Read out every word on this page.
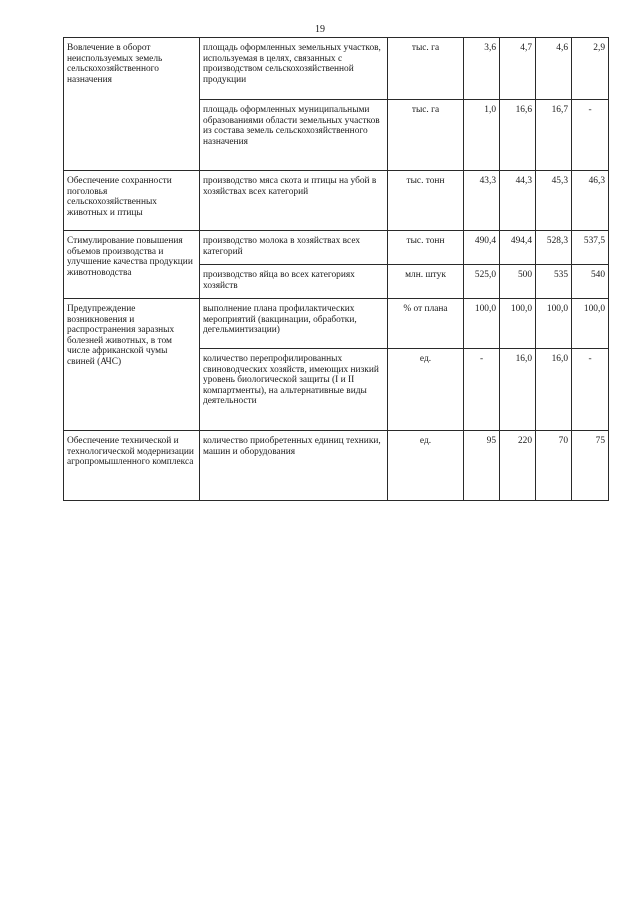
19
Вовлечение в оборот неиспользуемых земель сельскохозяйственного назначения	площадь оформленных земельных участков, используемая в целях, связанных с производством сельскохозяйственной продукции	тыс. га	3,6	4,7	4,6	2,9
	площадь оформленных муниципальными образованиями области земельных участков из состава земель сельскохозяйственного назначения	тыс. га	1,0	16,6	16,7	-
Обеспечение сохранности поголовья сельскохозяйственных животных и птицы	производство мяса скота и птицы на убой в хозяйствах всех категорий	тыс. тонн	43,3	44,3	45,3	46,3
Стимулирование повышения объемов производства и улучшение качества продукции животноводства	производство молока в хозяйствах всех категорий	тыс. тонн	490,4	494,4	528,3	537,5
	производство яйца во всех категориях хозяйств	млн. штук	525,0	500	535	540
Предупреждение возникновения и распространения заразных болезней животных, в том числе африканской чумы свиней (АЧС)	выполнение плана профилактических мероприятий (вакцинации, обработки, дегельминтизации)	% от плана	100,0	100,0	100,0	100,0
	количество перепрофилированных свиноводческих хозяйств, имеющих низкий уровень биологической защиты (I и II компартменты), на альтернативные виды деятельности	ед.	-	16,0	16,0	-
Обеспечение технической и технологической модернизации агропромышленного комплекса	количество приобретенных единиц техники, машин и оборудования	ед.	95	220	70	75
